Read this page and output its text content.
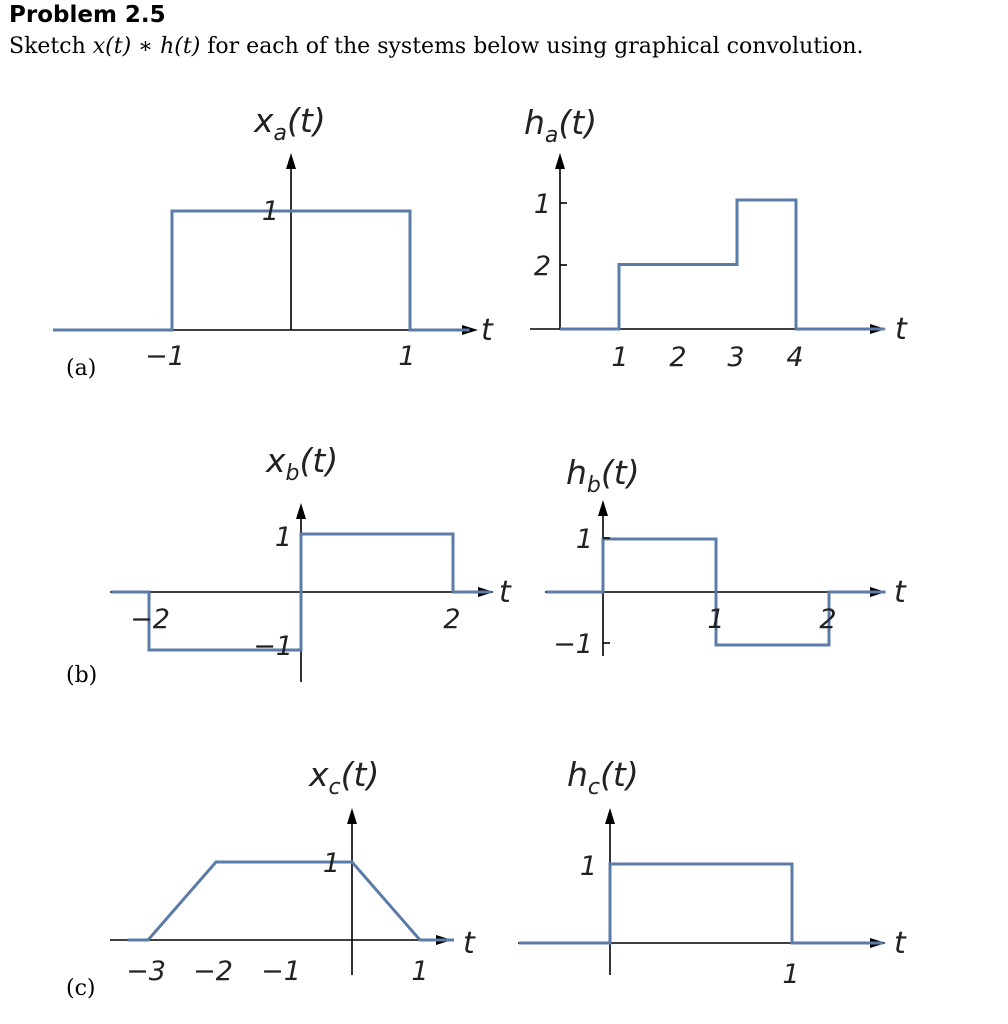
Problem 2.5
Sketch x(t) ∗ h(t) for each of the systems below using graphical convolution.
(a)
(b)
(c)
$x_a(t)$
t
−1	1
1
$h_a(t)$
t
1 2 3 4
1
2
$x_b(t)$
t
−2	2
1
−1
$h_b(t)$
t
1	2
1
−1
$x_c(t)$
t
−3 −2 −1	1
1
$h_c(t)$
t
1
1
